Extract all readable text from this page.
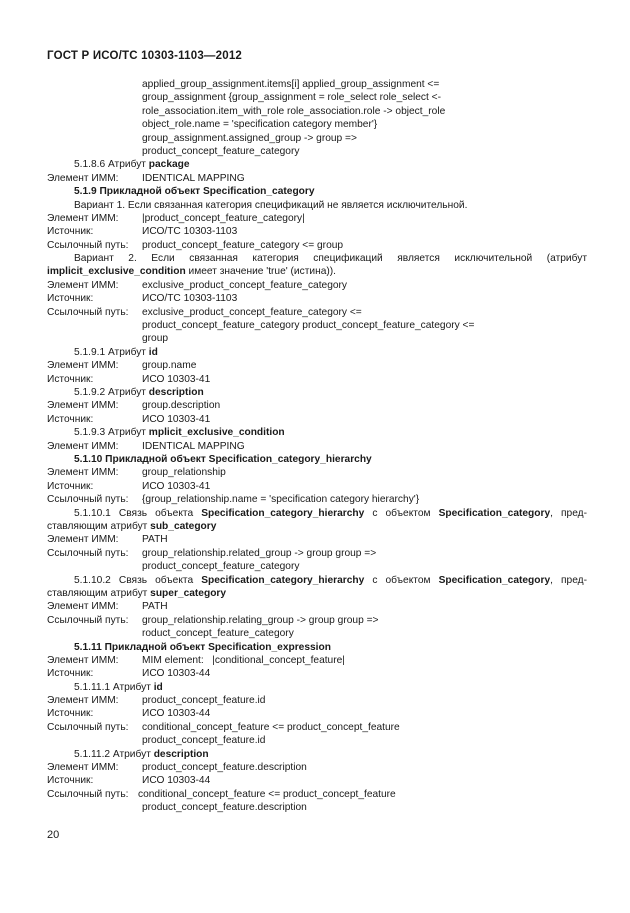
ГОСТ Р ИСО/ТС 10303-1103—2012
applied_group_assignment.items[i] applied_group_assignment <=
group_assignment {group_assignment = role_select role_select <-
role_association.item_with_role role_association.role -> object_role
object_role.name = 'specification category member'}
group_assignment.assigned_group -> group =>
product_concept_feature_category
5.1.8.6 Атрибут package
Элемент ИММ: IDENTICAL MAPPING
5.1.9 Прикладной объект Specification_category
Вариант 1. Если связанная категория спецификаций не является исключительной.
Элемент ИММ: |product_concept_feature_category|
Источник:	ИСО/ТС 10303-1103
Ссылочный путь: product_concept_feature_category <= group
Вариант 2. Если связанная категория спецификаций является исключительной (атрибут implicit_exclusive_condition имеет значение 'true' (истина)).
Элемент ИММ: exclusive_product_concept_feature_category
Источник:	ИСО/ТС 10303-1103
Ссылочный путь: exclusive_product_concept_feature_category <=
product_concept_feature_category product_concept_feature_category <=
group
5.1.9.1 Атрибут id
Элемент ИММ: group.name
Источник:	ИСО 10303-41
5.1.9.2 Атрибут description
Элемент ИММ: group.description
Источник:	ИСО 10303-41
5.1.9.3 Атрибут mplicit_exclusive_condition
Элемент ИММ: IDENTICAL MAPPING
5.1.10 Прикладной объект Specification_category_hierarchy
Элемент ИММ: group_relationship
Источник:	ИСО 10303-41
Ссылочный путь: {group_relationship.name = 'specification category hierarchy'}
5.1.10.1 Связь объекта Specification_category_hierarchy с объектом Specification_category, пред-ставляющим атрибут sub_category
Элемент ИММ: PATH
Ссылочный путь: group_relationship.related_group -> group group =>
product_concept_feature_category
5.1.10.2 Связь объекта Specification_category_hierarchy с объектом Specification_category, пред-ставляющим атрибут super_category
Элемент ИММ: PATH
Ссылочный путь: group_relationship.relating_group -> group group =>
roduct_concept_feature_category
5.1.11 Прикладной объект Specification_expression
Элемент ИММ: MIM element:   |conditional_concept_feature|
Источник:	ИСО 10303-44
5.1.11.1 Атрибут id
Элемент ИММ: product_concept_feature.id
Источник:	ИСО 10303-44
Ссылочный путь: conditional_concept_feature <= product_concept_feature
product_concept_feature.id
5.1.11.2 Атрибут description
Элемент ИММ: product_concept_feature.description
Источник:	ИСО 10303-44
Ссылочный путь: conditional_concept_feature <= product_concept_feature
product_concept_feature.description
20
